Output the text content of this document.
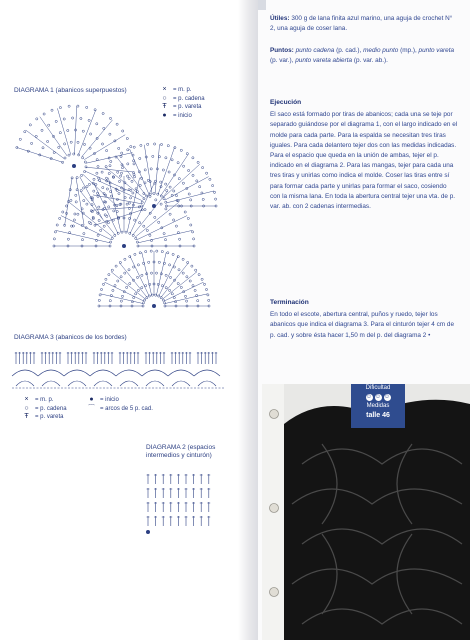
DIAGRAMA 1 (abanicos superpuestos)	×	= m. p.
○	= p. cadena
Ŧ	= p. vareta
●	= inicio
DIAGRAMA 3 (abanicos de los bordes)
×	= m. p.	●	= inicio
○	= p. cadena	⌒ = arcos de 5 p. cad.
Ŧ	= p. vareta
DIAGRAMA 2 (espacios
intermedios y cinturón)

Útiles: 300 g de lana finita azul marino, una aguja de crochet N° 2, una aguja de coser lana.

Puntos: punto cadena (p. cad.), medio punto (mp.), punto vareta (p. var.), punto vareta abierta (p. var. ab.).

Ejecución

El saco está formado por tiras de abanicos; cada una se teje por separado guiándose por el diagrama 1, con el largo indicado en el molde para cada parte. Para la espalda se necesitan tres tiras iguales. Para cada delantero tejer dos con las medidas indicadas. Para el espacio que queda en la unión de ambas, tejer el p. indicado en el diagrama 2. Para las mangas, tejer para cada una tres tiras y unirlas como indica el molde. Coser las tiras entre sí para formar cada parte y unirlas para formar el saco, cosiendo con la misma lana. En toda la abertura central tejer una vta. de p. var. ab. con 2 cadenas intermedias.

Terminación

En todo el escote, abertura central, puños y ruedo, tejer los abanicos que indica el diagrama 3. Para el cinturón tejer 4 cm de p. cad. y sobre ésta hacer 1,50 m del p. del diagrama 2 •

Dificultad
☺ ☺ ☺
Medidas
talle 46
